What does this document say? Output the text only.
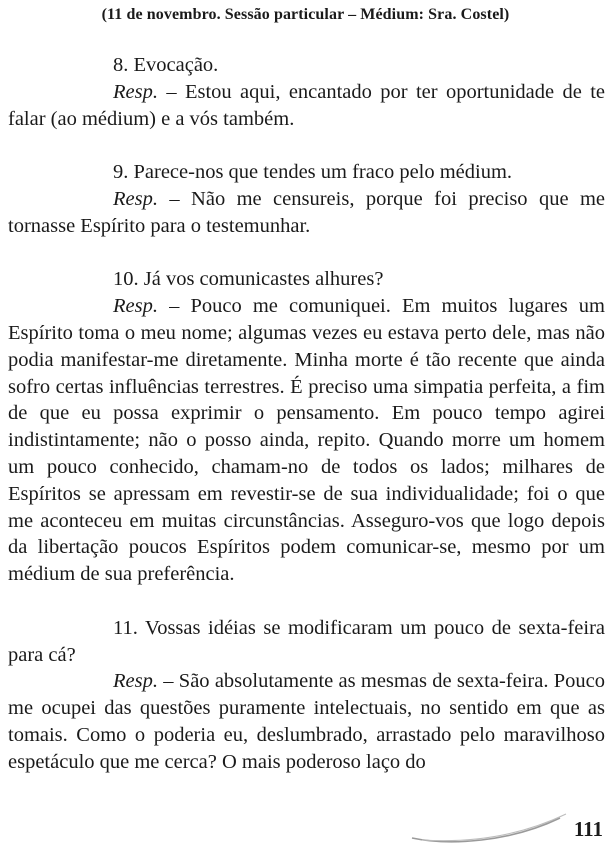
(11 de novembro. Sessão particular – Médium: Sra. Costel)

8. Evocação.

Resp. – Estou aqui, encantado por ter oportunidade de te falar (ao médium) e a vós também.

9. Parece-nos que tendes um fraco pelo médium.

Resp. – Não me censureis, porque foi preciso que me tornasse Espírito para o testemunhar.

10. Já vos comunicastes alhures?

Resp. – Pouco me comuniquei. Em muitos lugares um Espírito toma o meu nome; algumas vezes eu estava perto dele, mas não podia manifestar-me diretamente. Minha morte é tão recente que ainda sofro certas influências terrestres. É preciso uma simpatia perfeita, a fim de que eu possa exprimir o pensamento. Em pouco tempo agirei indistintamente; não o posso ainda, repito. Quando morre um homem um pouco conhecido, chamam-no de todos os lados; milhares de Espíritos se apressam em revestir-se de sua individualidade; foi o que me aconteceu em muitas circunstâncias. Asseguro-vos que logo depois da libertação poucos Espíritos podem comunicar-se, mesmo por um médium de sua preferência.

11. Vossas idéias se modificaram um pouco de sexta-feira para cá?

Resp. – São absolutamente as mesmas de sexta-feira. Pouco me ocupei das questões puramente intelectuais, no sentido em que as tomais. Como o poderia eu, deslumbrado, arrastado pelo maravilhoso espetáculo que me cerca? O mais poderoso laço do

111
